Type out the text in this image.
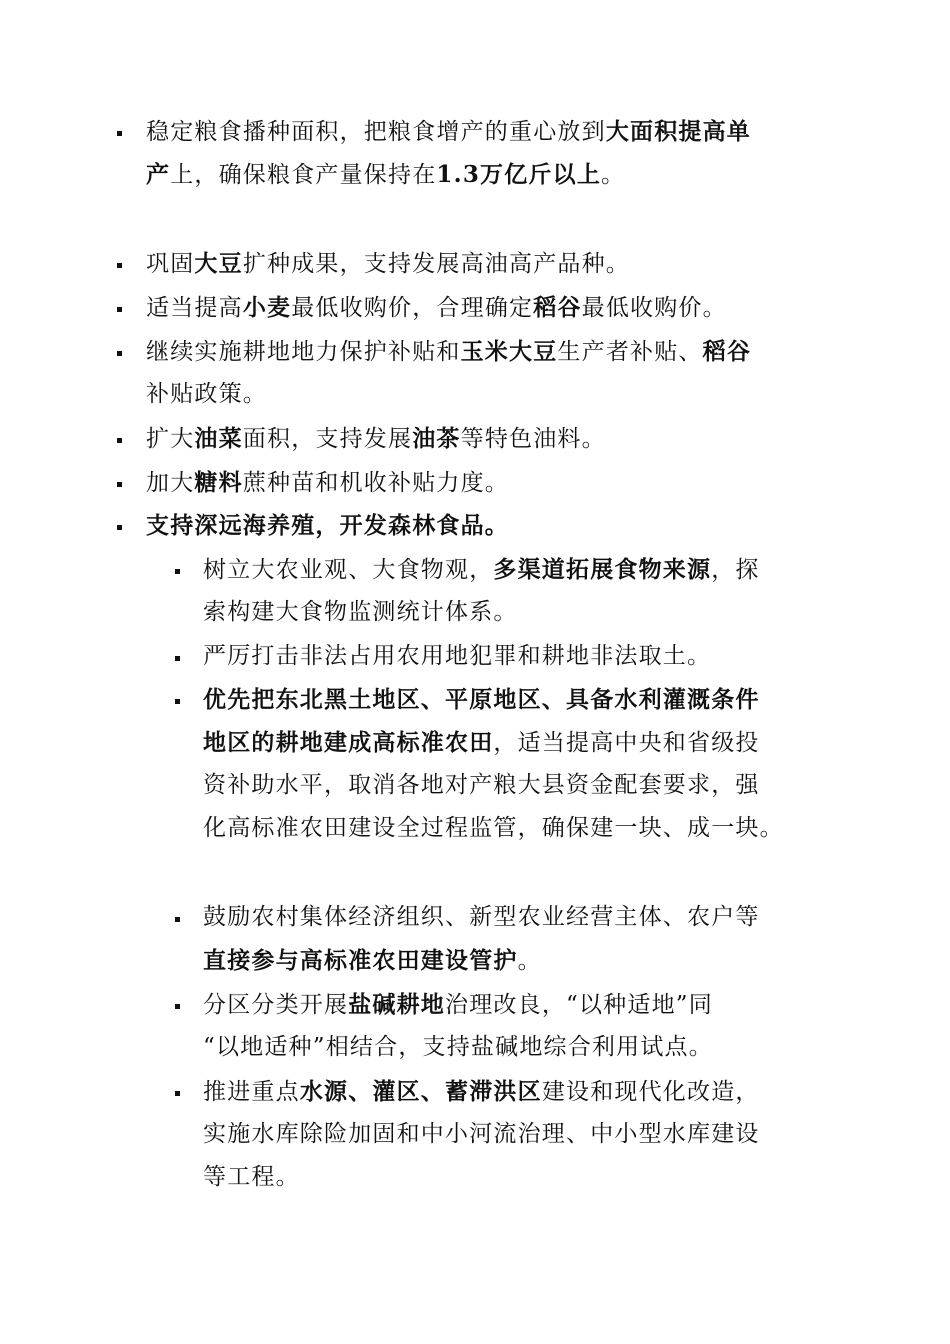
稳定粮食播种面积，把粮食增产的重心放到大面积提高单
产上，确保粮食产量保持在1.3万亿斤以上。
巩固大豆扩种成果，支持发展高油高产品种。
适当提高小麦最低收购价，合理确定稻谷最低收购价。
继续实施耕地地力保护补贴和玉米大豆生产者补贴、稻谷
补贴政策。
扩大油菜面积，支持发展油茶等特色油料。
加大糖料蔗种苗和机收补贴力度。
支持深远海养殖，开发森林食品。
树立大农业观、大食物观，多渠道拓展食物来源，探
索构建大食物监测统计体系。
严厉打击非法占用农用地犯罪和耕地非法取土。
优先把东北黑土地区、平原地区、具备水利灌溉条件
地区的耕地建成高标准农田，适当提高中央和省级投
资补助水平，取消各地对产粮大县资金配套要求，强
化高标准农田建设全过程监管，确保建一块、成一块。
鼓励农村集体经济组织、新型农业经营主体、农户等
直接参与高标准农田建设管护。
分区分类开展盐碱耕地治理改良，“以种适地”同
“以地适种”相结合，支持盐碱地综合利用试点。
推进重点水源、灌区、蓄滞洪区建设和现代化改造，
实施水库除险加固和中小河流治理、中小型水库建设
等工程。
